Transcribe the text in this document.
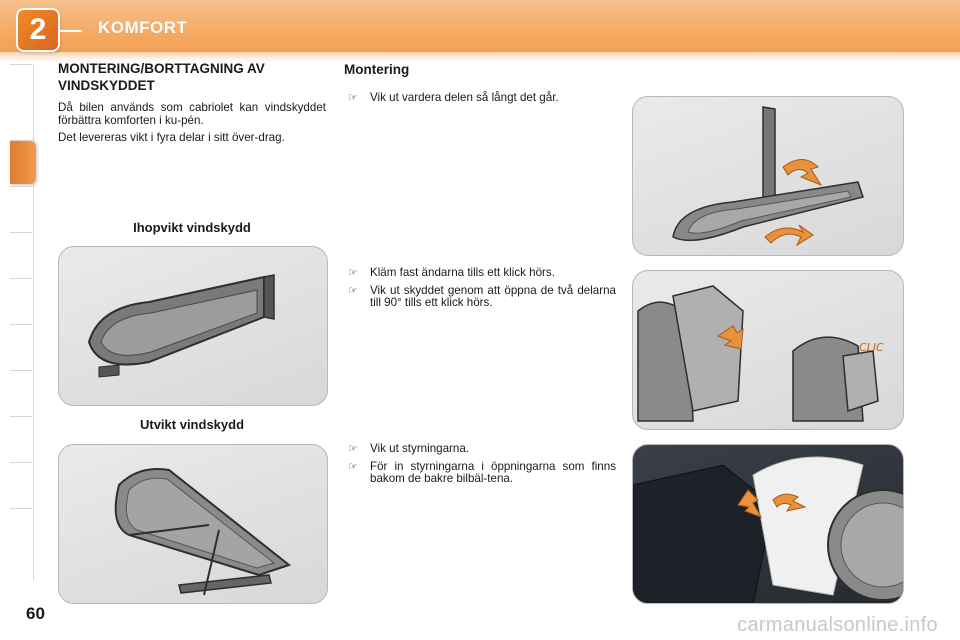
2	KOMFORT
MONTERING/BORTTAGNING AV VINDSKYDDET

Då bilen används som cabriolet kan vindskyddet förbättra komforten i ku-pén.

Det levereras vikt i fyra delar i sitt över-drag.

Ihopvikt vindskydd
Utvikt vindskydd
Montering
☞ Vik ut vardera delen så långt det går.
☞ Kläm fast ändarna tills ett klick hörs.
☞ Vik ut skyddet genom att öppna de två delarna till 90° tills ett klick hörs.
☞ Vik ut styrningarna.
☞ För in styrningarna i öppningarna som finns bakom de bakre bilbäl-tena.
CLIC
60
carmanualsonline.info
